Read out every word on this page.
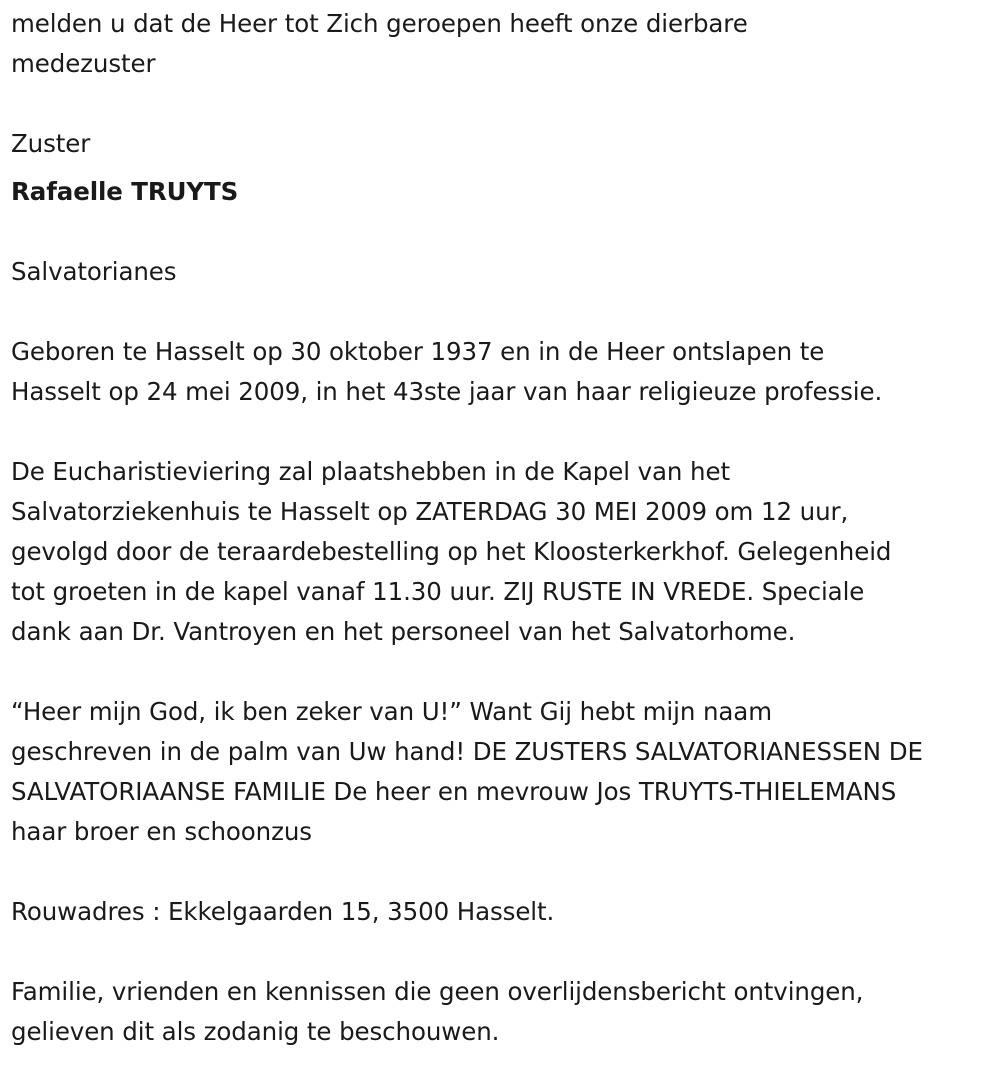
melden u dat de Heer tot Zich geroepen heeft onze dierbare
medezuster

Zuster

Rafaelle TRUYTS

Salvatorianes

Geboren te Hasselt op 30 oktober 1937 en in de Heer ontslapen te
Hasselt op 24 mei 2009, in het 43ste jaar van haar religieuze professie.

De Eucharistieviering zal plaatshebben in de Kapel van het
Salvatorziekenhuis te Hasselt op ZATERDAG 30 MEI 2009 om 12 uur,
gevolgd door de teraardebestelling op het Kloosterkerkhof. Gelegenheid
tot groeten in de kapel vanaf 11.30 uur. ZIJ RUSTE IN VREDE. Speciale
dank aan Dr. Vantroyen en het personeel van het Salvatorhome.

“Heer mijn God, ik ben zeker van U!” Want Gij hebt mijn naam
geschreven in de palm van Uw hand! DE ZUSTERS SALVATORIANESSEN DE
SALVATORIAANSE FAMILIE De heer en mevrouw Jos TRUYTS-THIELEMANS
haar broer en schoonzus

Rouwadres : Ekkelgaarden 15, 3500 Hasselt.

Familie, vrienden en kennissen die geen overlijdensbericht ontvingen,
gelieven dit als zodanig te beschouwen.
